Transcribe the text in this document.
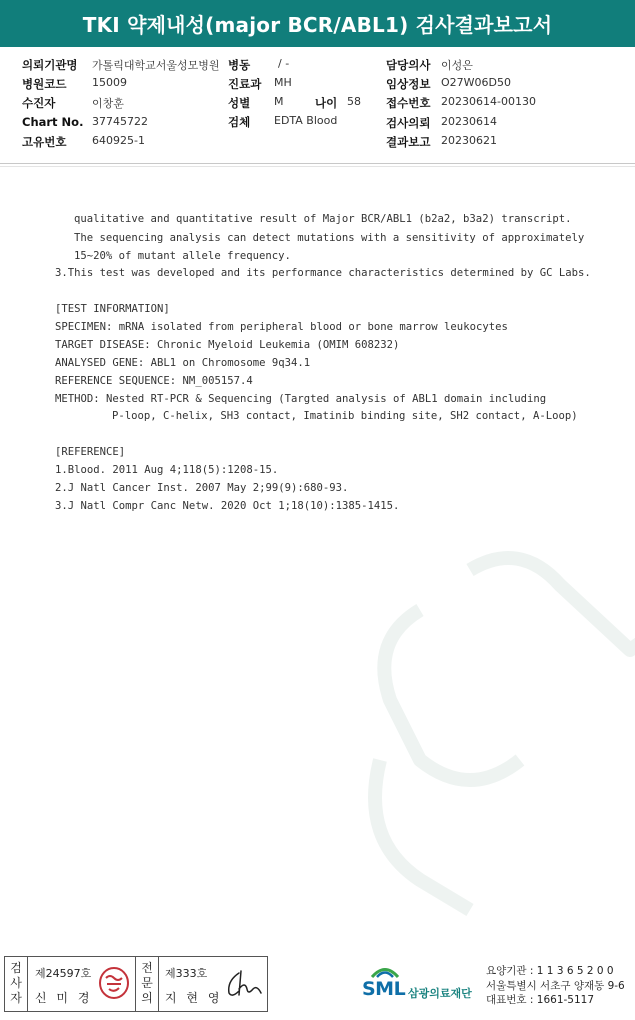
TKI 약제내성(major BCR/ABL1) 검사결과보고서
의뢰기관명 가톨릭대학교서울성모병원 병동	/ -	담당의사 이성은
병원코드 15009	진료과 MH	임상정보 O27W06D50
수진자	이창훈	성별 M	나이 58 접수번호 20230614-00130
Chart No. 37745722	검체 EDTA Blood	검사의뢰 20230614
고유번호 640925-1	결과보고 20230621
qualitative and quantitative result of Major BCR/ABL1 (b2a2, b3a2) transcript.
The sequencing analysis can detect mutations with a sensitivity of approximately
15~20% of mutant allele frequency.
3.This test was developed and its performance characteristics determined by GC Labs.
[TEST INFORMATION]
SPECIMEN: mRNA isolated from peripheral blood or bone marrow leukocytes
TARGET DISEASE: Chronic Myeloid Leukemia (OMIM 608232)
ANALYSED GENE: ABL1 on Chromosome 9q34.1
REFERENCE SEQUENCE: NM_005157.4
METHOD: Nested RT-PCR & Sequencing (Targted analysis of ABL1 domain including
P-loop, C-helix, SH3 contact, Imatinib binding site, SH2 contact, A-Loop)
[REFERENCE]
1.Blood. 2011 Aug 4;118(5):1208-15.
2.J Natl Cancer Inst. 2007 May 2;99(9):680-93.
3.J Natl Compr Canc Netw. 2020 Oct 1;18(10):1385-1415.
검
사
자
제24597호
신 미 경
전
문
의
제333호
지 현 영	SML 삼광의료재단
요양기관 : 1 1 3 6 5 2 0 0
서울특별시 서초구 양재동 9-6
대표번호 : 1661-5117
